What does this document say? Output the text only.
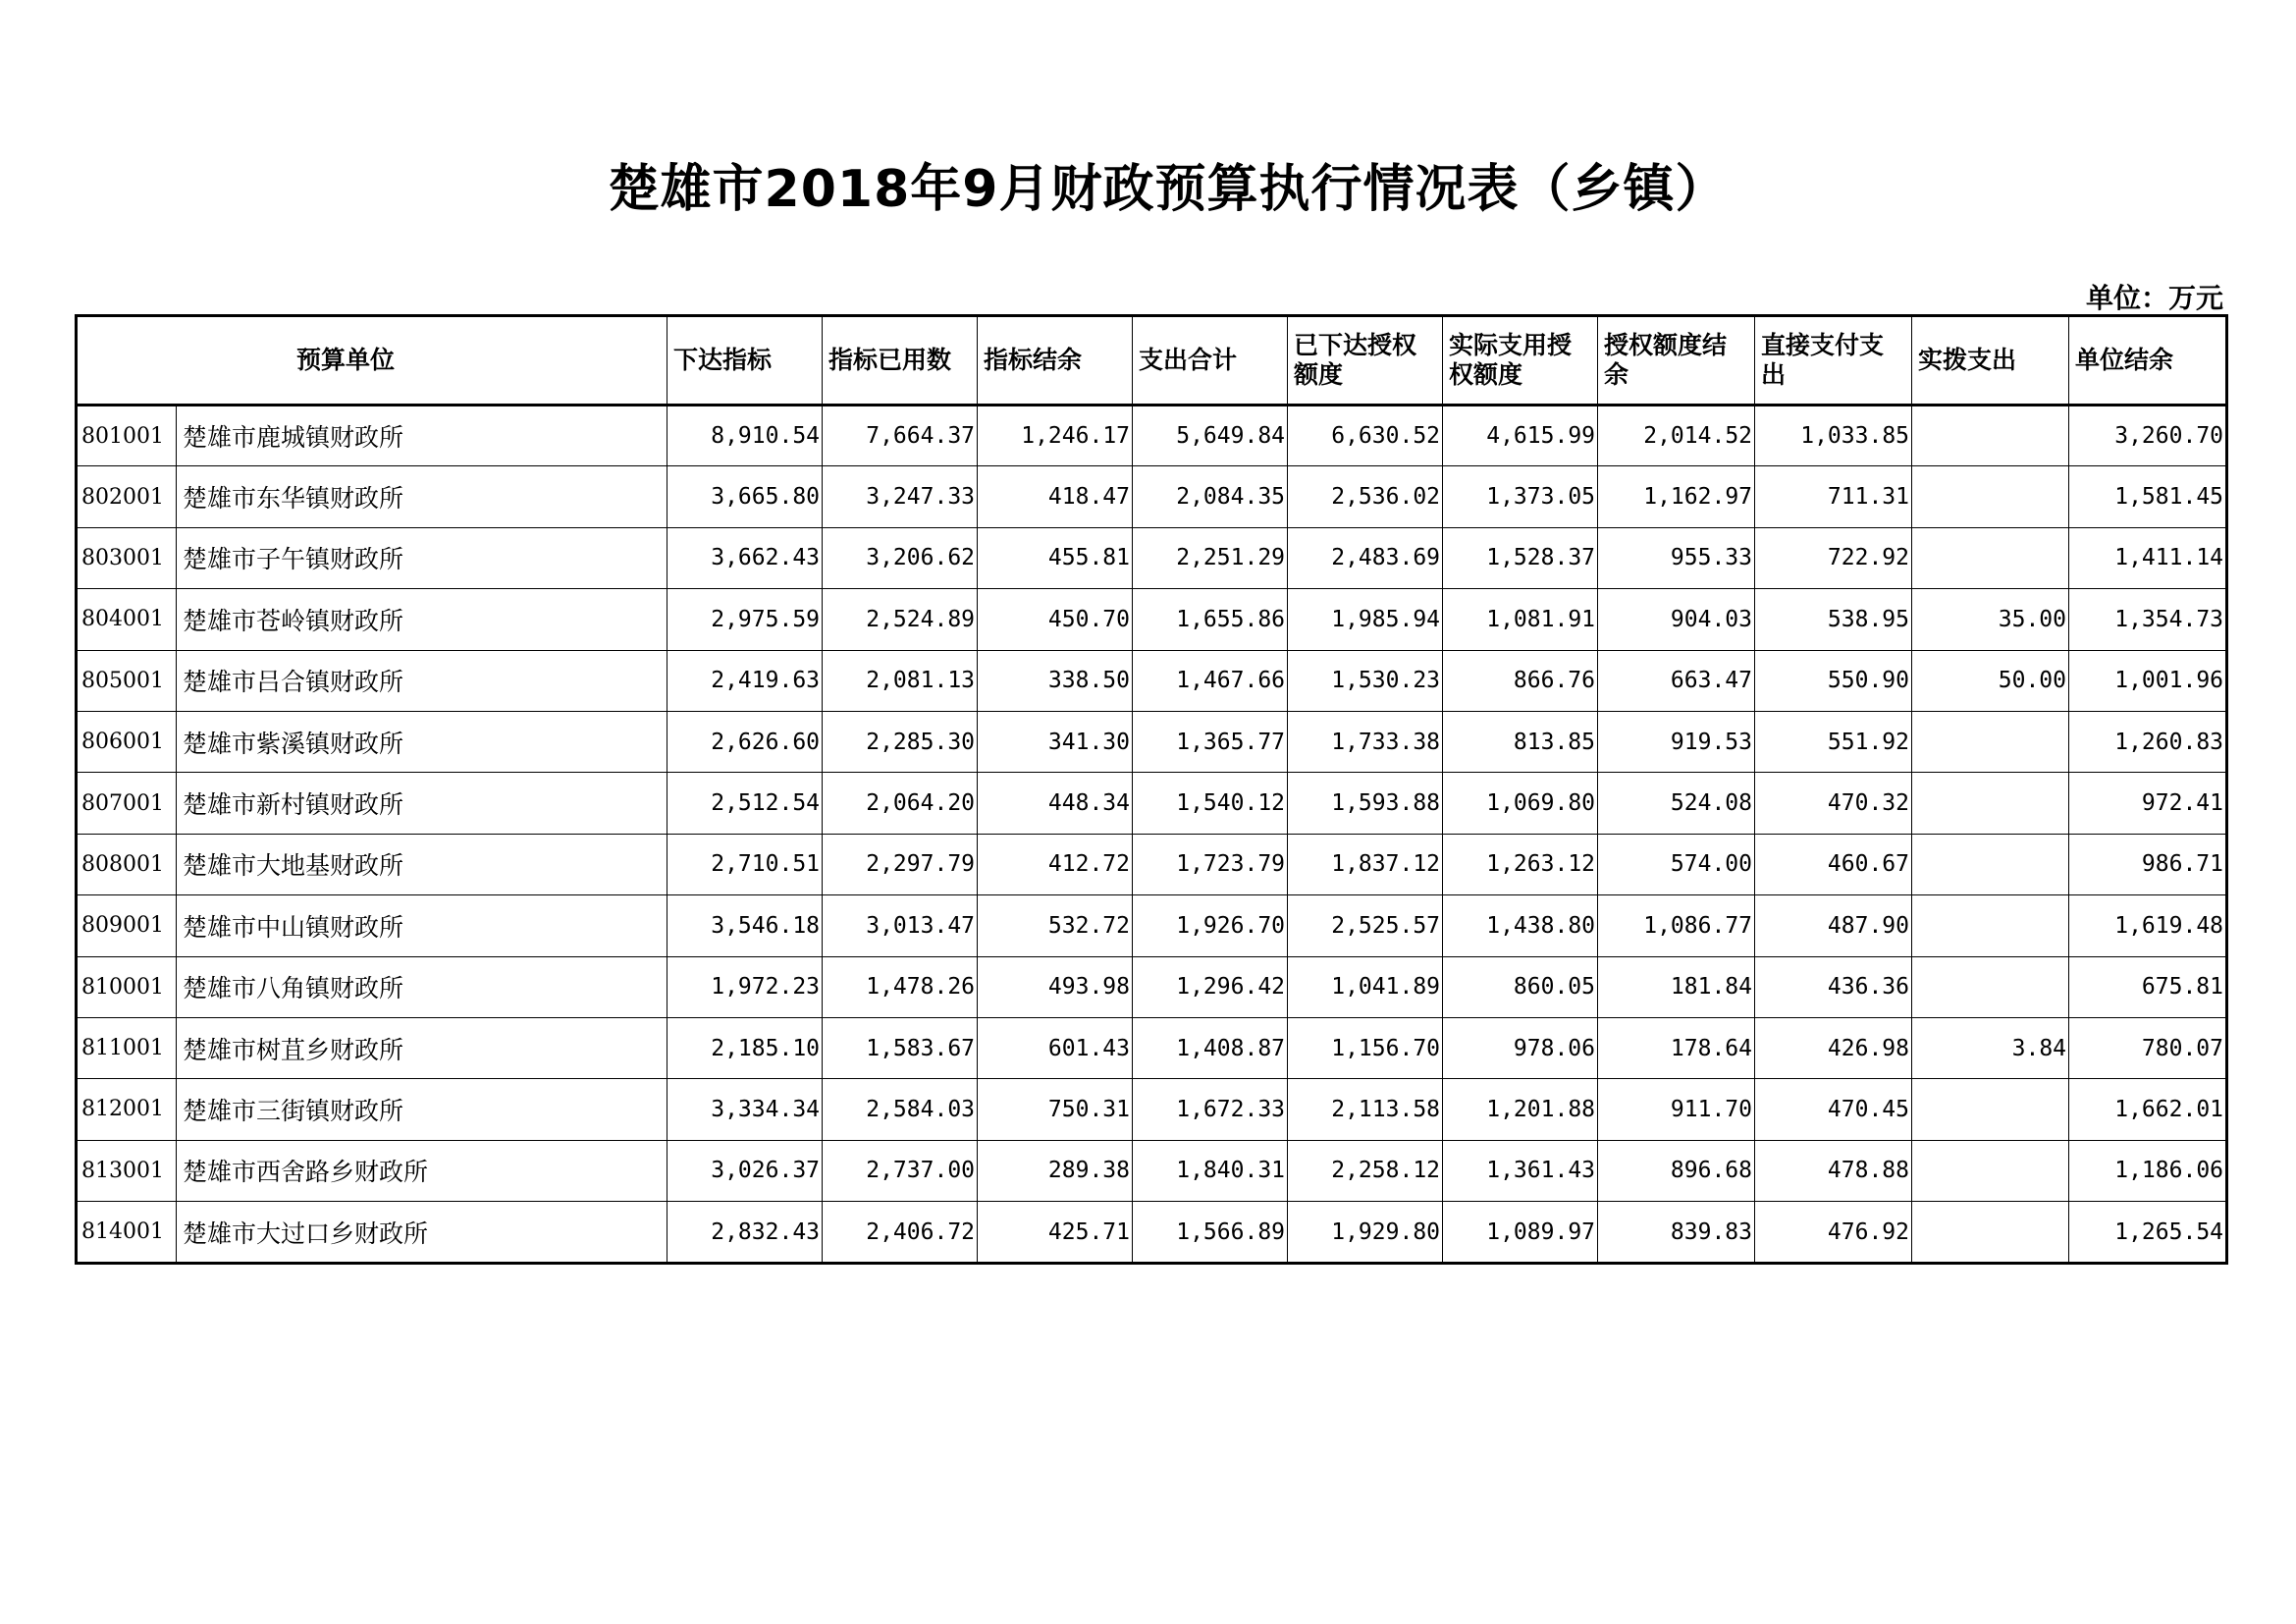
楚雄市2018年9月财政预算执行情况表（乡镇）
单位：万元
预算单位		下达指标	指标已用数	指标结余	支出合计	已下达授权额度	实际支用授权额度	授权额度结余	直接支付支出	实拨支出	单位结余
801001	楚雄市鹿城镇财政所	8,910.54	7,664.37	1,246.17	5,649.84	6,630.52	4,615.99	2,014.52	1,033.85		3,260.70
802001	楚雄市东华镇财政所	3,665.80	3,247.33	418.47	2,084.35	2,536.02	1,373.05	1,162.97	711.31		1,581.45
803001	楚雄市子午镇财政所	3,662.43	3,206.62	455.81	2,251.29	2,483.69	1,528.37	955.33	722.92		1,411.14
804001	楚雄市苍岭镇财政所	2,975.59	2,524.89	450.70	1,655.86	1,985.94	1,081.91	904.03	538.95	35.00	1,354.73
805001	楚雄市吕合镇财政所	2,419.63	2,081.13	338.50	1,467.66	1,530.23	866.76	663.47	550.90	50.00	1,001.96
806001	楚雄市紫溪镇财政所	2,626.60	2,285.30	341.30	1,365.77	1,733.38	813.85	919.53	551.92		1,260.83
807001	楚雄市新村镇财政所	2,512.54	2,064.20	448.34	1,540.12	1,593.88	1,069.80	524.08	470.32		972.41
808001	楚雄市大地基财政所	2,710.51	2,297.79	412.72	1,723.79	1,837.12	1,263.12	574.00	460.67		986.71
809001	楚雄市中山镇财政所	3,546.18	3,013.47	532.72	1,926.70	2,525.57	1,438.80	1,086.77	487.90		1,619.48
810001	楚雄市八角镇财政所	1,972.23	1,478.26	493.98	1,296.42	1,041.89	860.05	181.84	436.36		675.81
811001	楚雄市树苴乡财政所	2,185.10	1,583.67	601.43	1,408.87	1,156.70	978.06	178.64	426.98	3.84	780.07
812001	楚雄市三街镇财政所	3,334.34	2,584.03	750.31	1,672.33	2,113.58	1,201.88	911.70	470.45		1,662.01
813001	楚雄市西舍路乡财政所	3,026.37	2,737.00	289.38	1,840.31	2,258.12	1,361.43	896.68	478.88		1,186.06
814001	楚雄市大过口乡财政所	2,832.43	2,406.72	425.71	1,566.89	1,929.80	1,089.97	839.83	476.92		1,265.54
